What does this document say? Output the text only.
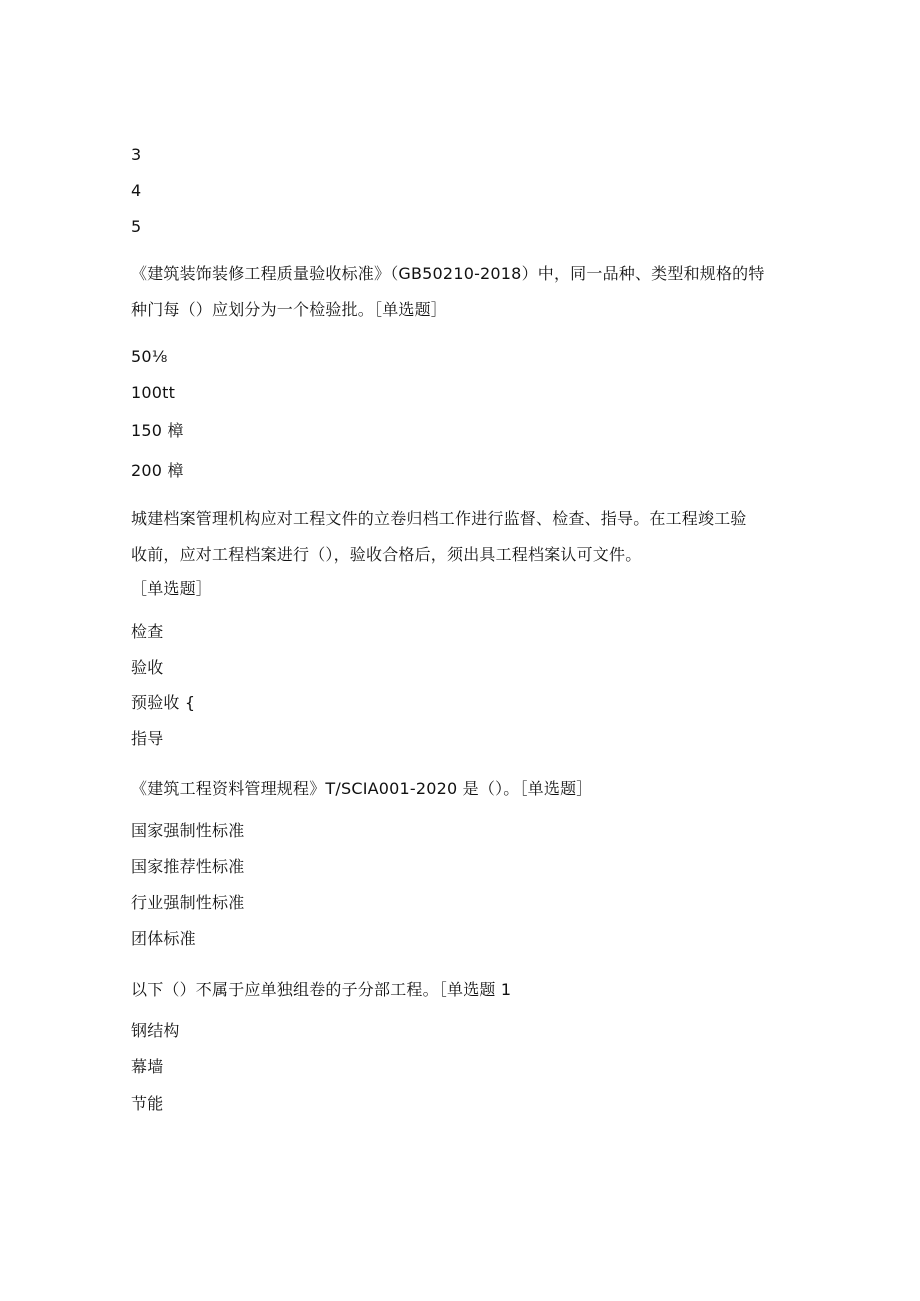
3
4
5
《建筑装饰装修工程质量验收标准》（GB50210-2018）中，同一品种、类型和规格的特
种门每（）应划分为一个检验批。［单选题］
50⅛
100tt
150 樟
200 樟
城建档案管理机构应对工程文件的立卷归档工作进行监督、检查、指导。在工程竣工验
收前，应对工程档案进行（），验收合格后，须出具工程档案认可文件。
［单选题］
检查
验收
预验收 {
指导
《建筑工程资料管理规程》T/SCIA001-2020 是（）。［单选题］
国家强制性标准
国家推荐性标准
行业强制性标准
团体标准
以下（）不属于应单独组卷的子分部工程。［单选题 1
钢结构
幕墙
节能
